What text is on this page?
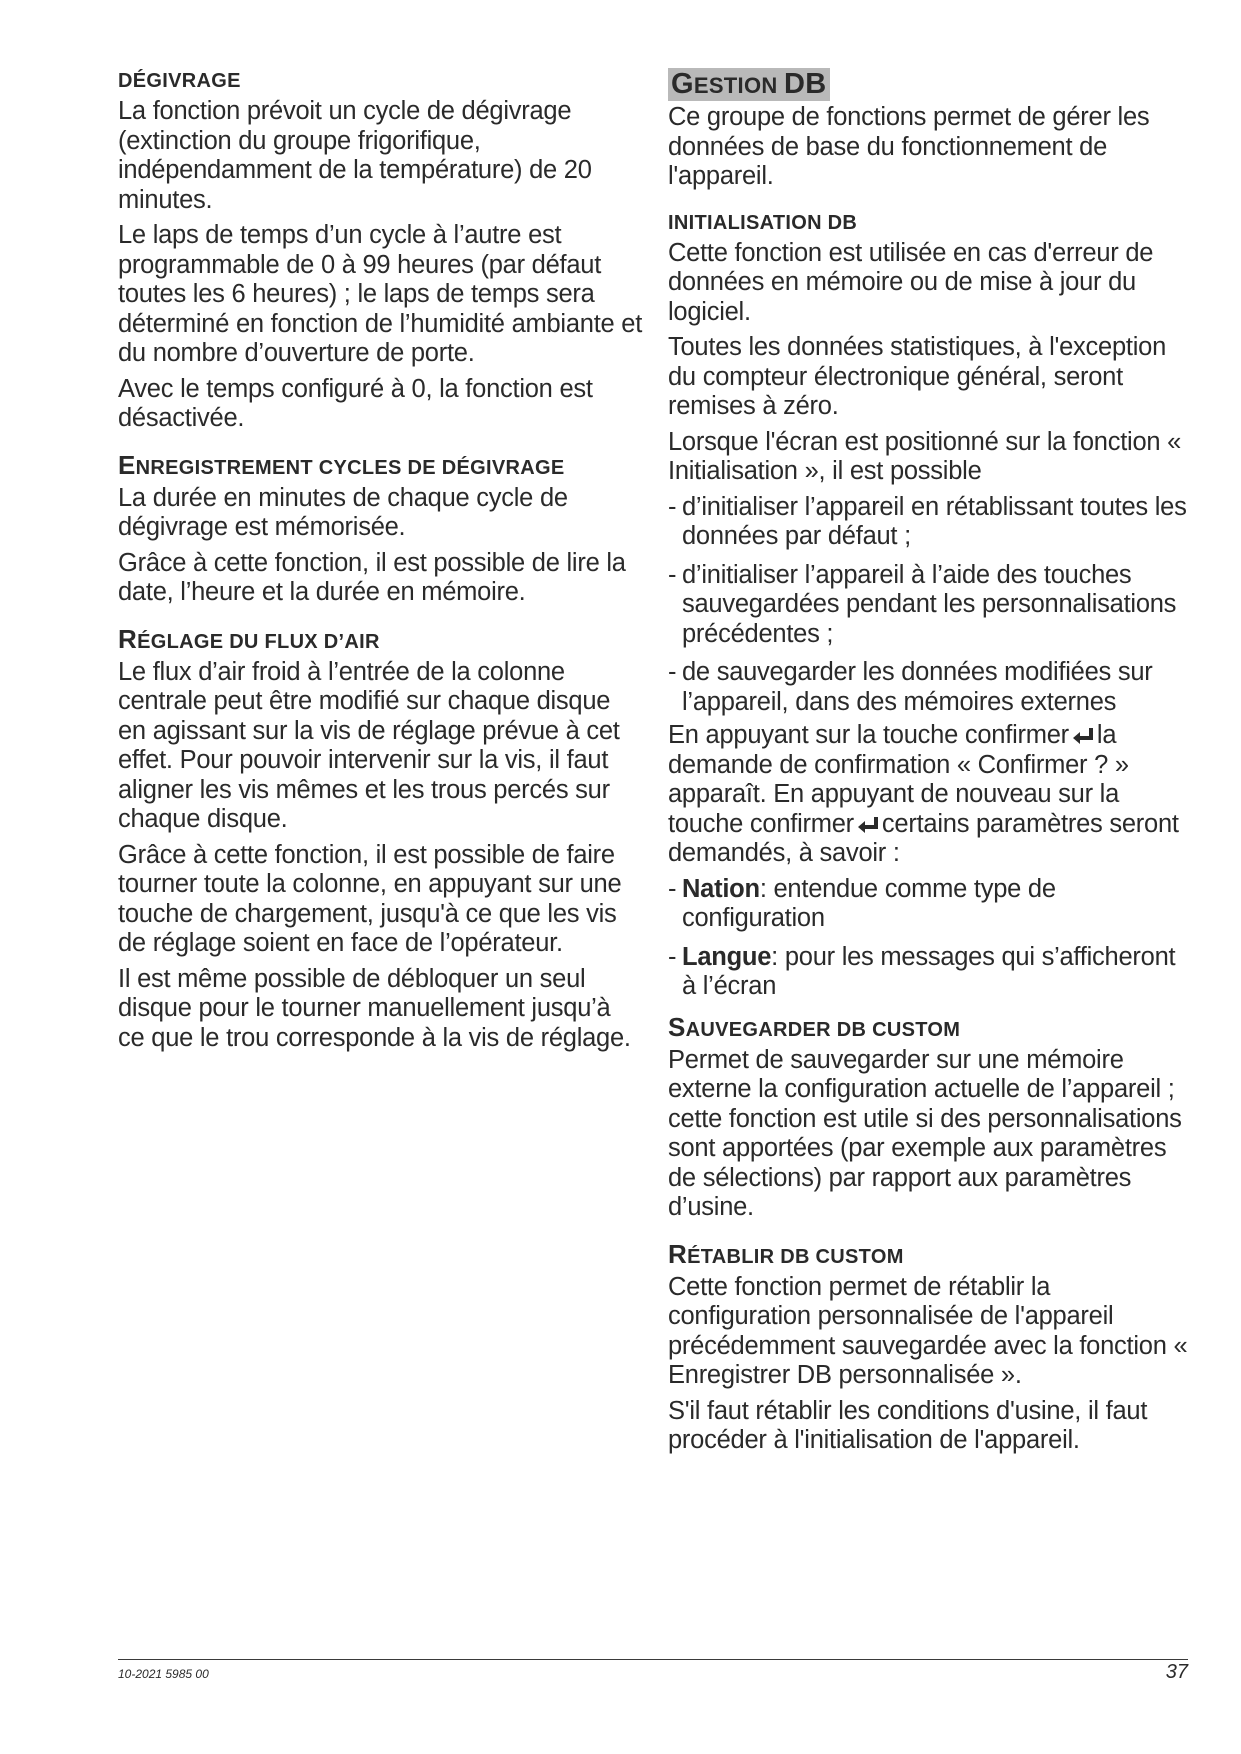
DÉGIVRAGE

La fonction prévoit un cycle de dégivrage (extinction du groupe frigorifique, indépendamment de la température) de 20 minutes.

Le laps de temps d’un cycle à l’autre est programmable de 0 à 99 heures (par défaut toutes les 6 heures) ; le laps de temps sera déterminé en fonction de l’humidité ambiante et du nombre d’ouverture de porte.

Avec le temps configuré à 0, la fonction est désactivée.

ENREGISTREMENT CYCLES DE DÉGIVRAGE

La durée en minutes de chaque cycle de dégivrage est mémorisée.

Grâce à cette fonction, il est possible de lire la date, l’heure et la durée en mémoire.

RÉGLAGE DU FLUX D’AIR

Le flux d’air froid à l’entrée de la colonne centrale peut être modifié sur chaque disque en agissant sur la vis de réglage prévue à cet effet. Pour pouvoir intervenir sur la vis, il faut aligner les vis mêmes et les trous percés sur chaque disque.

Grâce à cette fonction, il est possible de faire tourner toute la colonne, en appuyant sur une touche de chargement, jusqu'à ce que les vis de réglage soient en face de l’opérateur.

Il est même possible de débloquer un seul disque pour le tourner manuellement jusqu’à ce que le trou corresponde à la vis de réglage.

GESTION DB

Ce groupe de fonctions permet de gérer les données de base du fonctionnement de l'appareil.

INITIALISATION DB

Cette fonction est utilisée en cas d'erreur de données en mémoire ou de mise à jour du logiciel.

Toutes les données statistiques, à l'exception du compteur électronique général, seront remises à zéro.

Lorsque l'écran est positionné sur la fonction « Initialisation », il est possible

- d’initialiser l’appareil en rétablissant toutes les données par défaut ;
- d’initialiser l’appareil à l’aide des touches sauvegardées pendant les personnalisations précédentes ;
- de sauvegarder les données modifiées sur l’appareil, dans des mémoires externes

En appuyant sur la touche confirmer la demande de confirmation « Confirmer ? » apparaît. En appuyant de nouveau sur la touche confirmer certains paramètres seront demandés, à savoir :

- Nation: entendue comme type de configuration
- Langue: pour les messages qui s’afficheront à l’écran
SAUVEGARDER DB CUSTOM

Permet de sauvegarder sur une mémoire externe la configuration actuelle de l’appareil ; cette fonction est utile si des personnalisations sont apportées (par exemple aux paramètres de sélections) par rapport aux paramètres d’usine.

RÉTABLIR DB CUSTOM

Cette fonction permet de rétablir la configuration personnalisée de l'appareil précédemment sauvegardée avec la fonction « Enregistrer DB personnalisée ».

S'il faut rétablir les conditions d'usine, il faut procéder à l'initialisation de l'appareil.

10-2021 5985 00	37
